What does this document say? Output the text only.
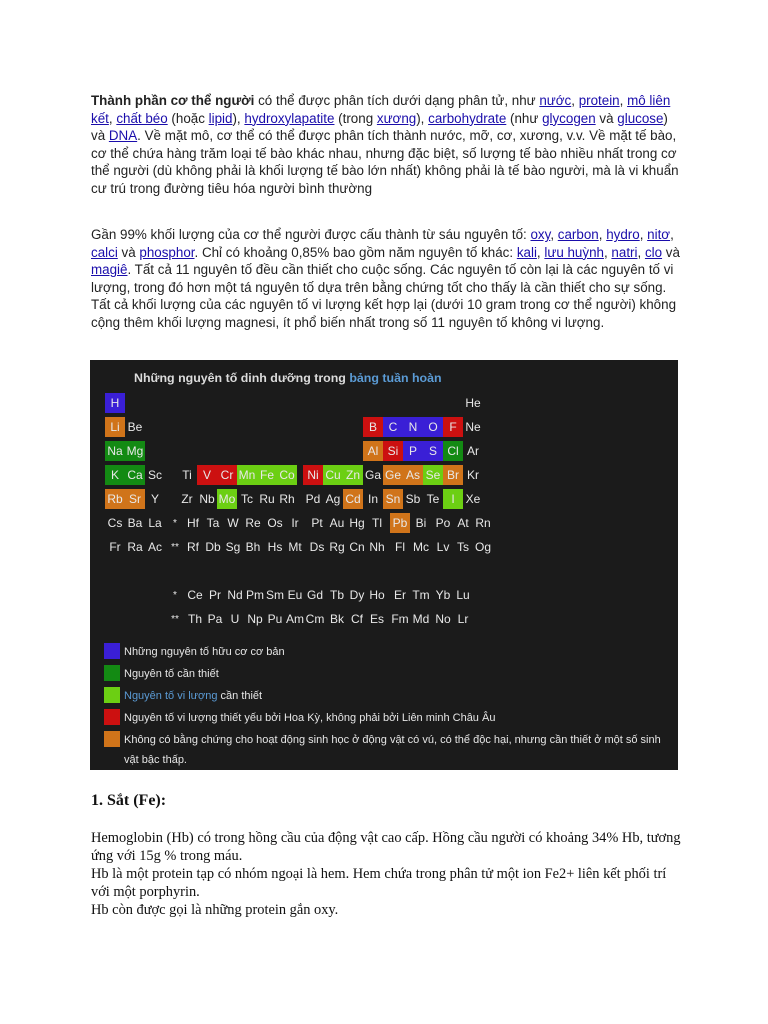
Thành phần cơ thể người có thể được phân tích dưới dạng phân tử, như nước, protein, mô liên kết, chất béo (hoặc lipid), hydroxylapatite (trong xương), carbohydrate (như glycogen và glucose) và DNA. Về mặt mô, cơ thể có thể được phân tích thành nước, mỡ, cơ, xương, v.v. Về mặt tế bào, cơ thể chứa hàng trăm loại tế bào khác nhau, nhưng đặc biệt, số lượng tế bào nhiều nhất trong cơ thể người (dù không phải là khối lượng tế bào lớn nhất) không phải là tế bào người, mà là vi khuẩn cư trú trong đường tiêu hóa người bình thường
Gần 99% khối lượng của cơ thể người được cấu thành từ sáu nguyên tố: oxy, carbon, hydro, nitơ, calci và phosphor. Chỉ có khoảng 0,85% bao gồm năm nguyên tố khác: kali, lưu huỳnh, natri, clo và magiê. Tất cả 11 nguyên tố đều cần thiết cho cuộc sống. Các nguyên tố còn lại là các nguyên tố vi lượng, trong đó hơn một tá nguyên tố dựa trên bằng chứng tốt cho thấy là cần thiết cho sự sống. Tất cả khối lượng của các nguyên tố vi lượng kết hợp lại (dưới 10 gram trong cơ thể người) không cộng thêm khối lượng magnesi, ít phổ biến nhất trong số 11 nguyên tố không vi lượng.
Những nguyên tố dinh dưỡng trong bảng tuần hoàn
H	He
Li Be	B C N O F Ne
Na Mg	Al Si P S Cl Ar
K Ca Sc	Ti V Cr Mn Fe Co	Ni Cu Zn Ga Ge As Se Br Kr
Rb Sr Y	Zr Nb Mo Tc Ru Rh Pd Ag Cd In Sn Sb Te I Xe
Cs Ba La	* Hf Ta W Re Os Ir	Pt Au Hg Tl Pb Bi Po At Rn
Fr Ra Ac ** Rf Db Sg Bh Hs Mt Ds Rg Cn Nh Fl Mc Lv Ts Og
* Ce Pr Nd Pm Sm Eu Gd Tb Dy Ho Er Tm Yb Lu
** Th Pa U Np Pu Am Cm Bk Cf Es Fm Md No Lr
Những nguyên tố hữu cơ cơ bản
Nguyên tố cần thiết
Nguyên tố vi lượng cần thiết
Nguyên tố vi lượng thiết yếu bởi Hoa Kỳ, không phải bởi Liên minh Châu Âu
Không có bằng chứng cho hoạt động sinh học ở động vật có vú, có thể độc hại, nhưng cần thiết ở một số sinh vật bậc thấp.
1. Sắt (Fe):
Hemoglobin (Hb) có trong hồng cầu của động vật cao cấp. Hồng cầu người có khoảng 34% Hb, tương ứng với 15g % trong máu.
Hb là một protein tạp có nhóm ngoại là hem. Hem chứa trong phân tử một ion Fe2+ liên kết phối trí với một porphyrin.
Hb còn được gọi là những protein gắn oxy.
